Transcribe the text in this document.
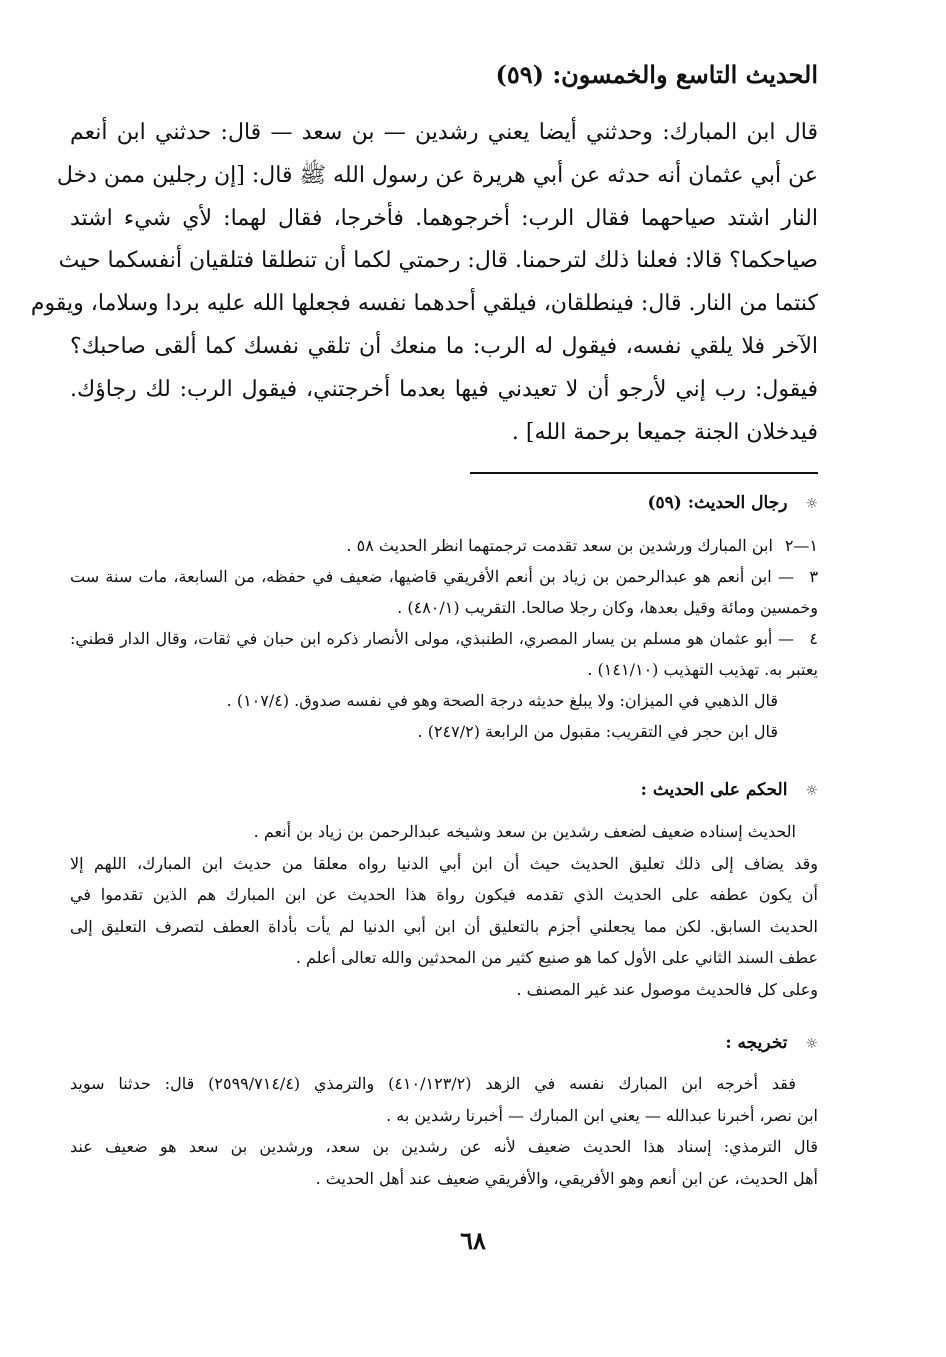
الحديث التاسع والخمسون: (٥٩)
قال ابن المبارك: وحدثني أيضا يعني رشدين — بن سعد — قال: حدثني ابن أنعم
عن أبي عثمان أنه حدثه عن أبي هريرة عن رسول الله ﷺ قال: [إن رجلين ممن دخل
النار اشتد صياحهما فقال الرب: أخرجوهما. فأخرجا، فقال لهما: لأي شيء اشتد
صياحكما؟ قالا: فعلنا ذلك لترحمنا. قال: رحمتي لكما أن تنطلقا فتلقيان أنفسكما حيث
كنتما من النار. قال: فينطلقان، فيلقي أحدهما نفسه فجعلها الله عليه بردا وسلاما، ويقوم
الآخر فلا يلقي نفسه، فيقول له الرب: ما منعك أن تلقي نفسك كما ألقى صاحبك؟
فيقول: رب إني لأرجو أن لا تعيدني فيها بعدما أخرجتني، فيقول الرب: لك رجاؤك.
فيدخلان الجنة جميعا برحمة الله] .
☼رجال الحديث: (٥٩)
١—٢ ابن المبارك ورشدين بن سعد تقدمت ترجمتهما انظر الحديث ٥٨ .
٣ — ابن أنعم هو عبدالرحمن بن زياد بن أنعم الأفريقي قاضيها، ضعيف في حفظه، من السابعة، مات سنة ست
وخمسين ومائة وقيل بعدها، وكان رجلا صالحا. التقريب (٤٨٠/١) .
٤ — أبو عثمان هو مسلم بن يسار المصري، الطنبذي، مولى الأنصار ذكره ابن حبان في ثقات، وقال الدار قطني:
يعتبر به. تهذيب التهذيب (١٤١/١٠) .
قال الذهبي في الميزان: ولا يبلغ حديثه درجة الصحة وهو في نفسه صدوق. (١٠٧/٤) .
قال ابن حجر في التقريب: مقبول من الرابعة (٢٤٧/٢) .
☼الحكم على الحديث :
الحديث إسناده ضعيف لضعف رشدين بن سعد وشيخه عبدالرحمن بن زياد بن أنعم .
وقد يضاف إلى ذلك تعليق الحديث حيث أن ابن أبي الدنيا رواه معلقا من حديث ابن المبارك، اللهم إلا
أن يكون عطفه على الحديث الذي تقدمه فيكون رواة هذا الحديث عن ابن المبارك هم الذين تقدموا في
الحديث السابق. لكن مما يجعلني أجزم بالتعليق أن ابن أبي الدنيا لم يأت بأداة العطف لتصرف التعليق إلى
عطف السند الثاني على الأول كما هو صنيع كثير من المحدثين والله تعالى أعلم .
وعلى كل فالحديث موصول عند غير المصنف .
☼تخريجه :
فقد أخرجه ابن المبارك نفسه في الزهد (٤١٠/١٢٣/٢) والترمذي (٢٥٩٩/٧١٤/٤) قال: حدثنا سويد
ابن نصر، أخبرنا عبدالله — يعني ابن المبارك — أخبرنا رشدين به .
قال الترمذي: إسناد هذا الحديث ضعيف لأنه عن رشدين بن سعد، ورشدين بن سعد هو ضعيف عند
أهل الحديث، عن ابن أنعم وهو الأفريقي، والأفريقي ضعيف عند أهل الحديث .
٦٨
